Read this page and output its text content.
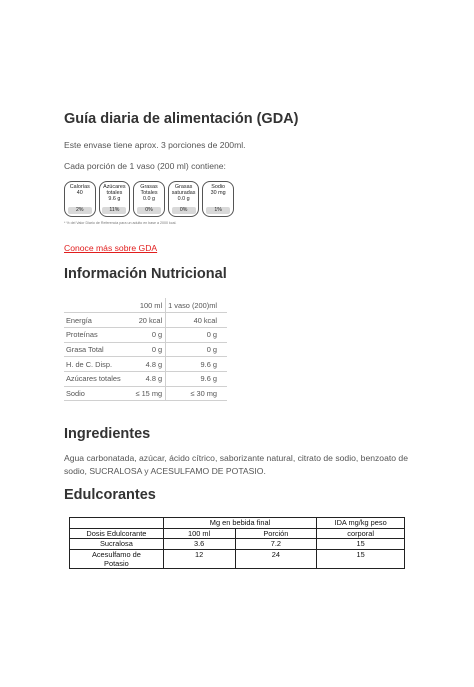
Guía diaria de alimentación (GDA)
Este envase tiene aprox. 3 porciones de 200ml.
Cada porción de 1 vaso (200 ml) contiene:
Calorías
40
2%
Azúcares
totales
9.6 g
11%
Grasas
Totales
0.0 g
0%
Grasas
saturadas
0.0 g
0%
Sodio
30 mg
1%
* % del Valor Diario de Referencia para un adulto en base a 2000 kcal.
Conoce más sobre GDA
Información Nutricional
	100 ml	1 vaso (200)ml
Energía	20 kcal	40 kcal
Proteínas	0 g	0 g
Grasa Total	0 g	0 g
H. de C. Disp.	4.8 g	9.6 g
Azúcares totales	4.8 g	9.6 g
Sodio	≤ 15 mg	≤ 30 mg
Ingredientes
Agua carbonatada, azúcar, ácido cítrico, saborizante natural, citrato de sodio, benzoato de sodio, SUCRALOSA y ACESULFAMO DE POTASIO.
Edulcorantes
	Mg en bebida final		IDA mg/kg peso
Dosis Edulcorante	100 ml	Porción	corporal
Sucralosa	3.6	7.2	15

Acesulfamo de
Potasio	12	24	15
